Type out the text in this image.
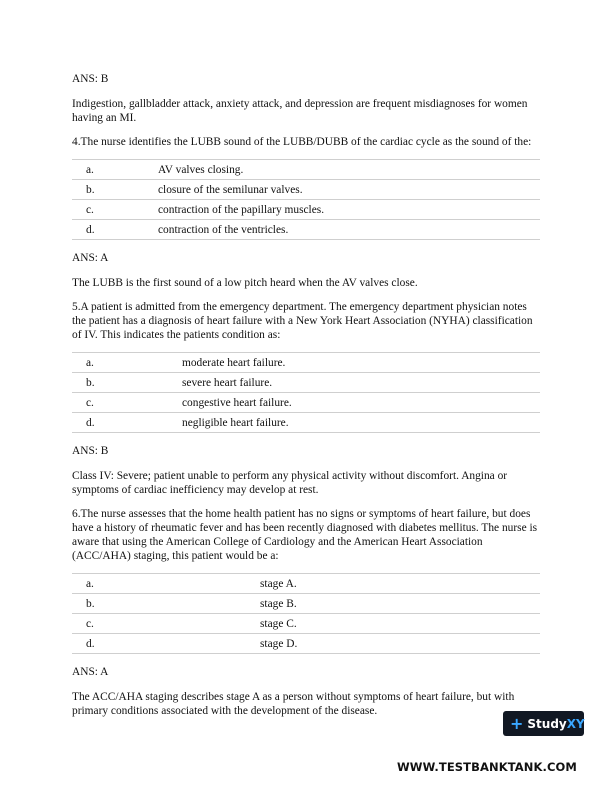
ANS: B

Indigestion, gallbladder attack, anxiety attack, and depression are frequent misdiagnoses for women having an MI.

4.The nurse identifies the LUBB sound of the LUBB/DUBB of the cardiac cycle as the sound of the:

a.	AV valves closing.
b.	closure of the semilunar valves.
c.	contraction of the papillary muscles.
d.	contraction of the ventricles.

ANS: A

The LUBB is the first sound of a low pitch heard when the AV valves close.

5.A patient is admitted from the emergency department. The emergency department physician notes the patient has a diagnosis of heart failure with a New York Heart Association (NYHA) classification of IV. This indicates the patients condition as:

a.	moderate heart failure.
b.	severe heart failure.
c.	congestive heart failure.
d.	negligible heart failure.

ANS: B

Class IV: Severe; patient unable to perform any physical activity without discomfort. Angina or symptoms of cardiac inefficiency may develop at rest.

6.The nurse assesses that the home health patient has no signs or symptoms of heart failure, but does have a history of rheumatic fever and has been recently diagnosed with diabetes mellitus. The nurse is aware that using the American College of Cardiology and the American Heart Association (ACC/AHA) staging, this patient would be a:

a.	stage A.
b.	stage B.
c.	stage C.
d.	stage D.

ANS: A

The ACC/AHA staging describes stage A as a person without symptoms of heart failure, but with primary conditions associated with the development of the disease.

+ Study XY
WWW.TESTBANKTANK.COM
